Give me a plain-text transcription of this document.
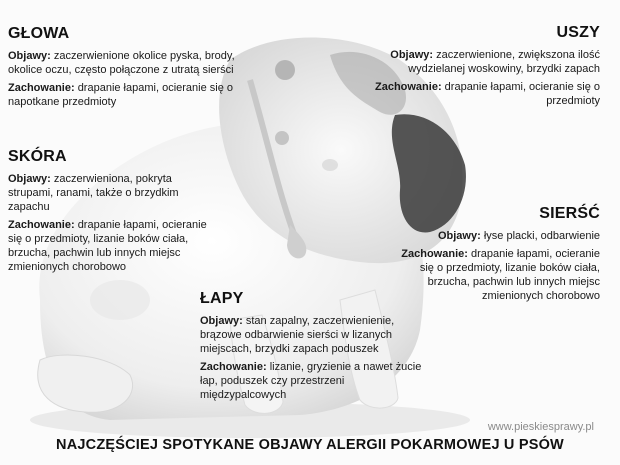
GŁOWA

Objawy: zaczerwienione okolice pyska, brody, okolice oczu, często połączone z utratą sierści

Zachowanie: drapanie łapami, ocieranie się o napotkane przedmioty

SKÓRA

Objawy: zaczerwieniona, pokryta strupami, ranami, także o brzydkim zapachu

Zachowanie: drapanie łapami, ocieranie się o przedmioty, lizanie boków ciała, brzucha, pachwin lub innych miejsc zmienionych chorobowo

ŁAPY

Objawy: stan zapalny, zaczerwienienie, brązowe odbarwienie sierści w lizanych miejscach, brzydki zapach poduszek

Zachowanie: lizanie, gryzienie a nawet żucie łap, poduszek czy przestrzeni międzypalcowych

USZY

Objawy: zaczerwienione, zwiększona ilość wydzielanej woskowiny, brzydki zapach

Zachowanie: drapanie łapami, ocieranie się o przedmioty

SIERŚĆ

Objawy: łyse placki, odbarwienie

Zachowanie: drapanie łapami, ocieranie się o przedmioty, lizanie boków ciała, brzucha, pachwin lub innych miejsc zmienionych chorobowo

www.pieskiesprawy.pl
NAJCZĘŚCIEJ SPOTYKANE OBJAWY ALERGII POKARMOWEJ U PSÓW
